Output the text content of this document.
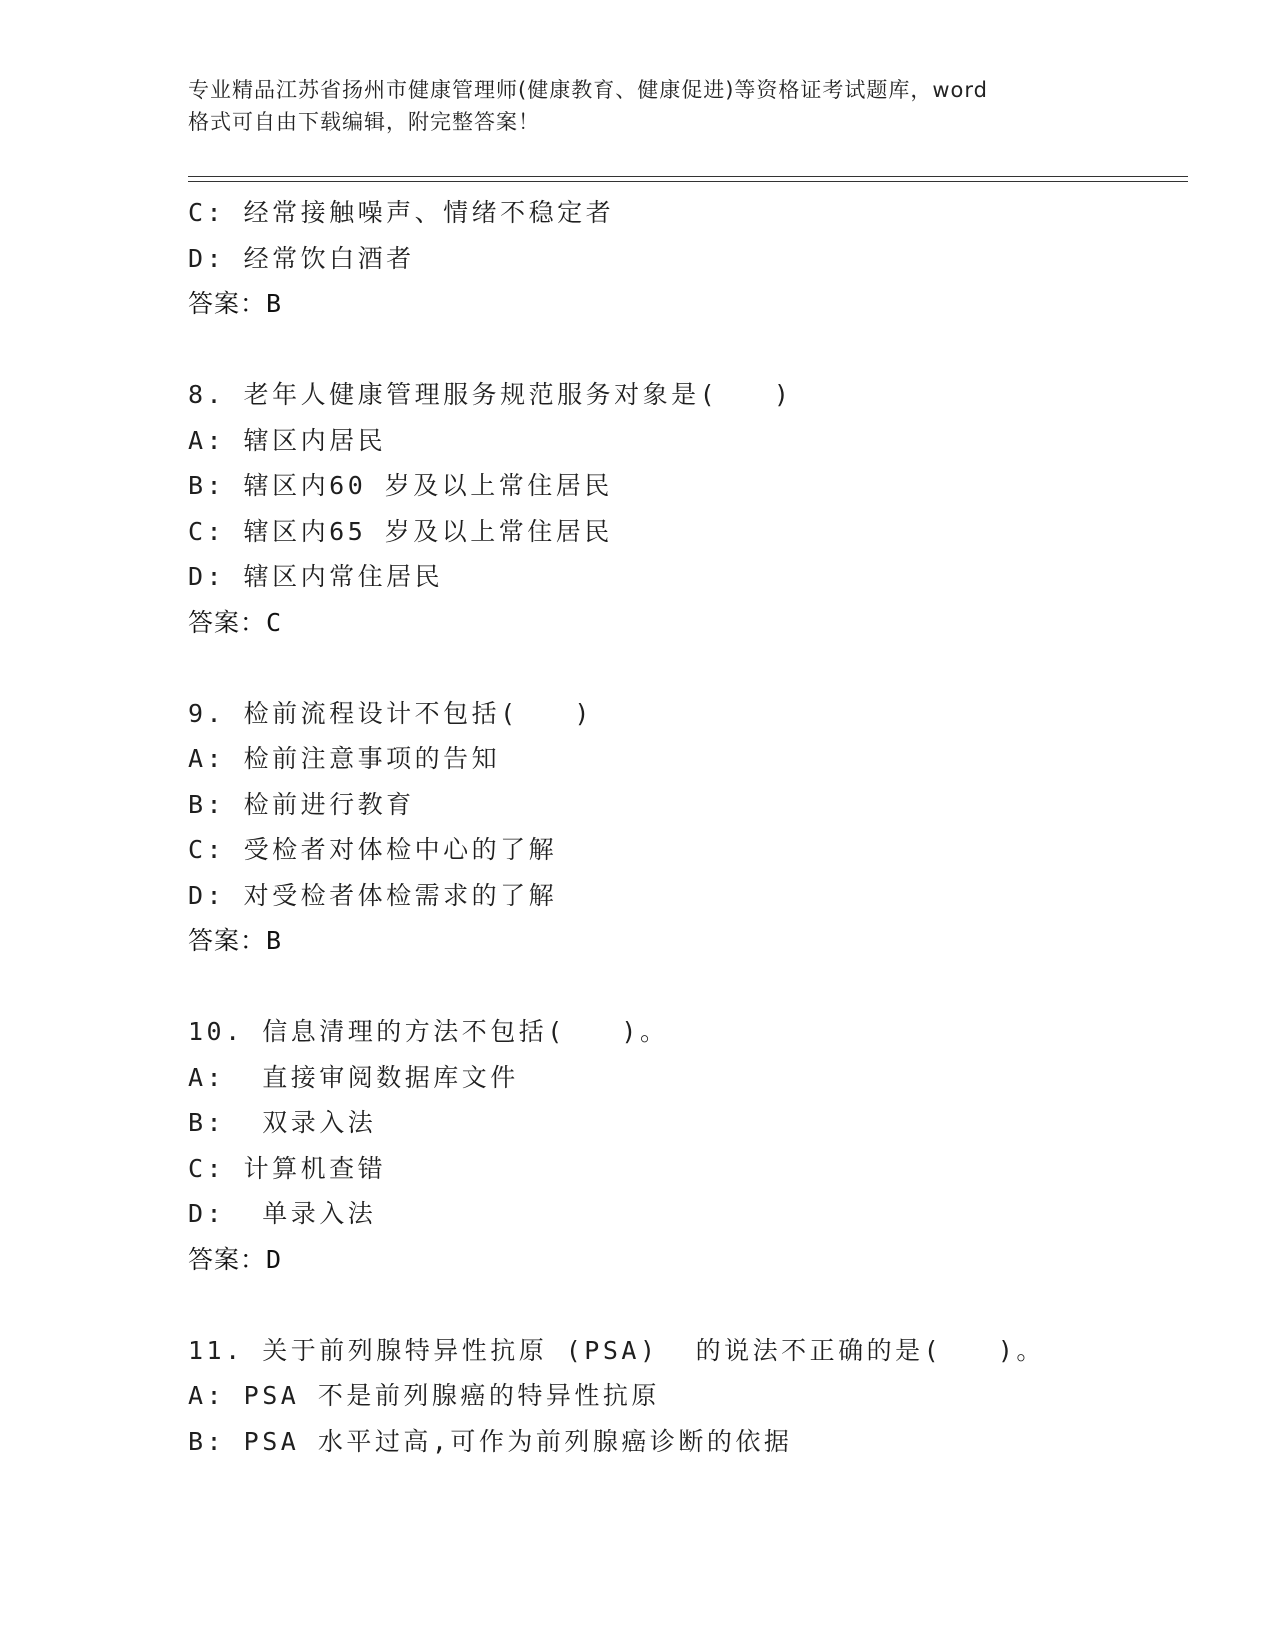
专业精品江苏省扬州市健康管理师(健康教育、健康促进)等资格证考试题库，word
格式可自由下载编辑，附完整答案！
C: 经常接触噪声、情绪不稳定者
D: 经常饮白酒者
答案：B
8. 老年人健康管理服务规范服务对象是(   )
A: 辖区内居民
B: 辖区内60 岁及以上常住居民
C: 辖区内65 岁及以上常住居民
D: 辖区内常住居民
答案：C
9. 检前流程设计不包括(   )
A: 检前注意事项的告知
B: 检前进行教育
C: 受检者对体检中心的了解
D: 对受检者体检需求的了解
答案：B
10. 信息清理的方法不包括(   )。
A:  直接审阅数据库文件
B:  双录入法
C: 计算机查错
D:  单录入法
答案：D
11. 关于前列腺特异性抗原 (PSA)  的说法不正确的是(   )。
A: PSA 不是前列腺癌的特异性抗原
B: PSA 水平过高,可作为前列腺癌诊断的依据
